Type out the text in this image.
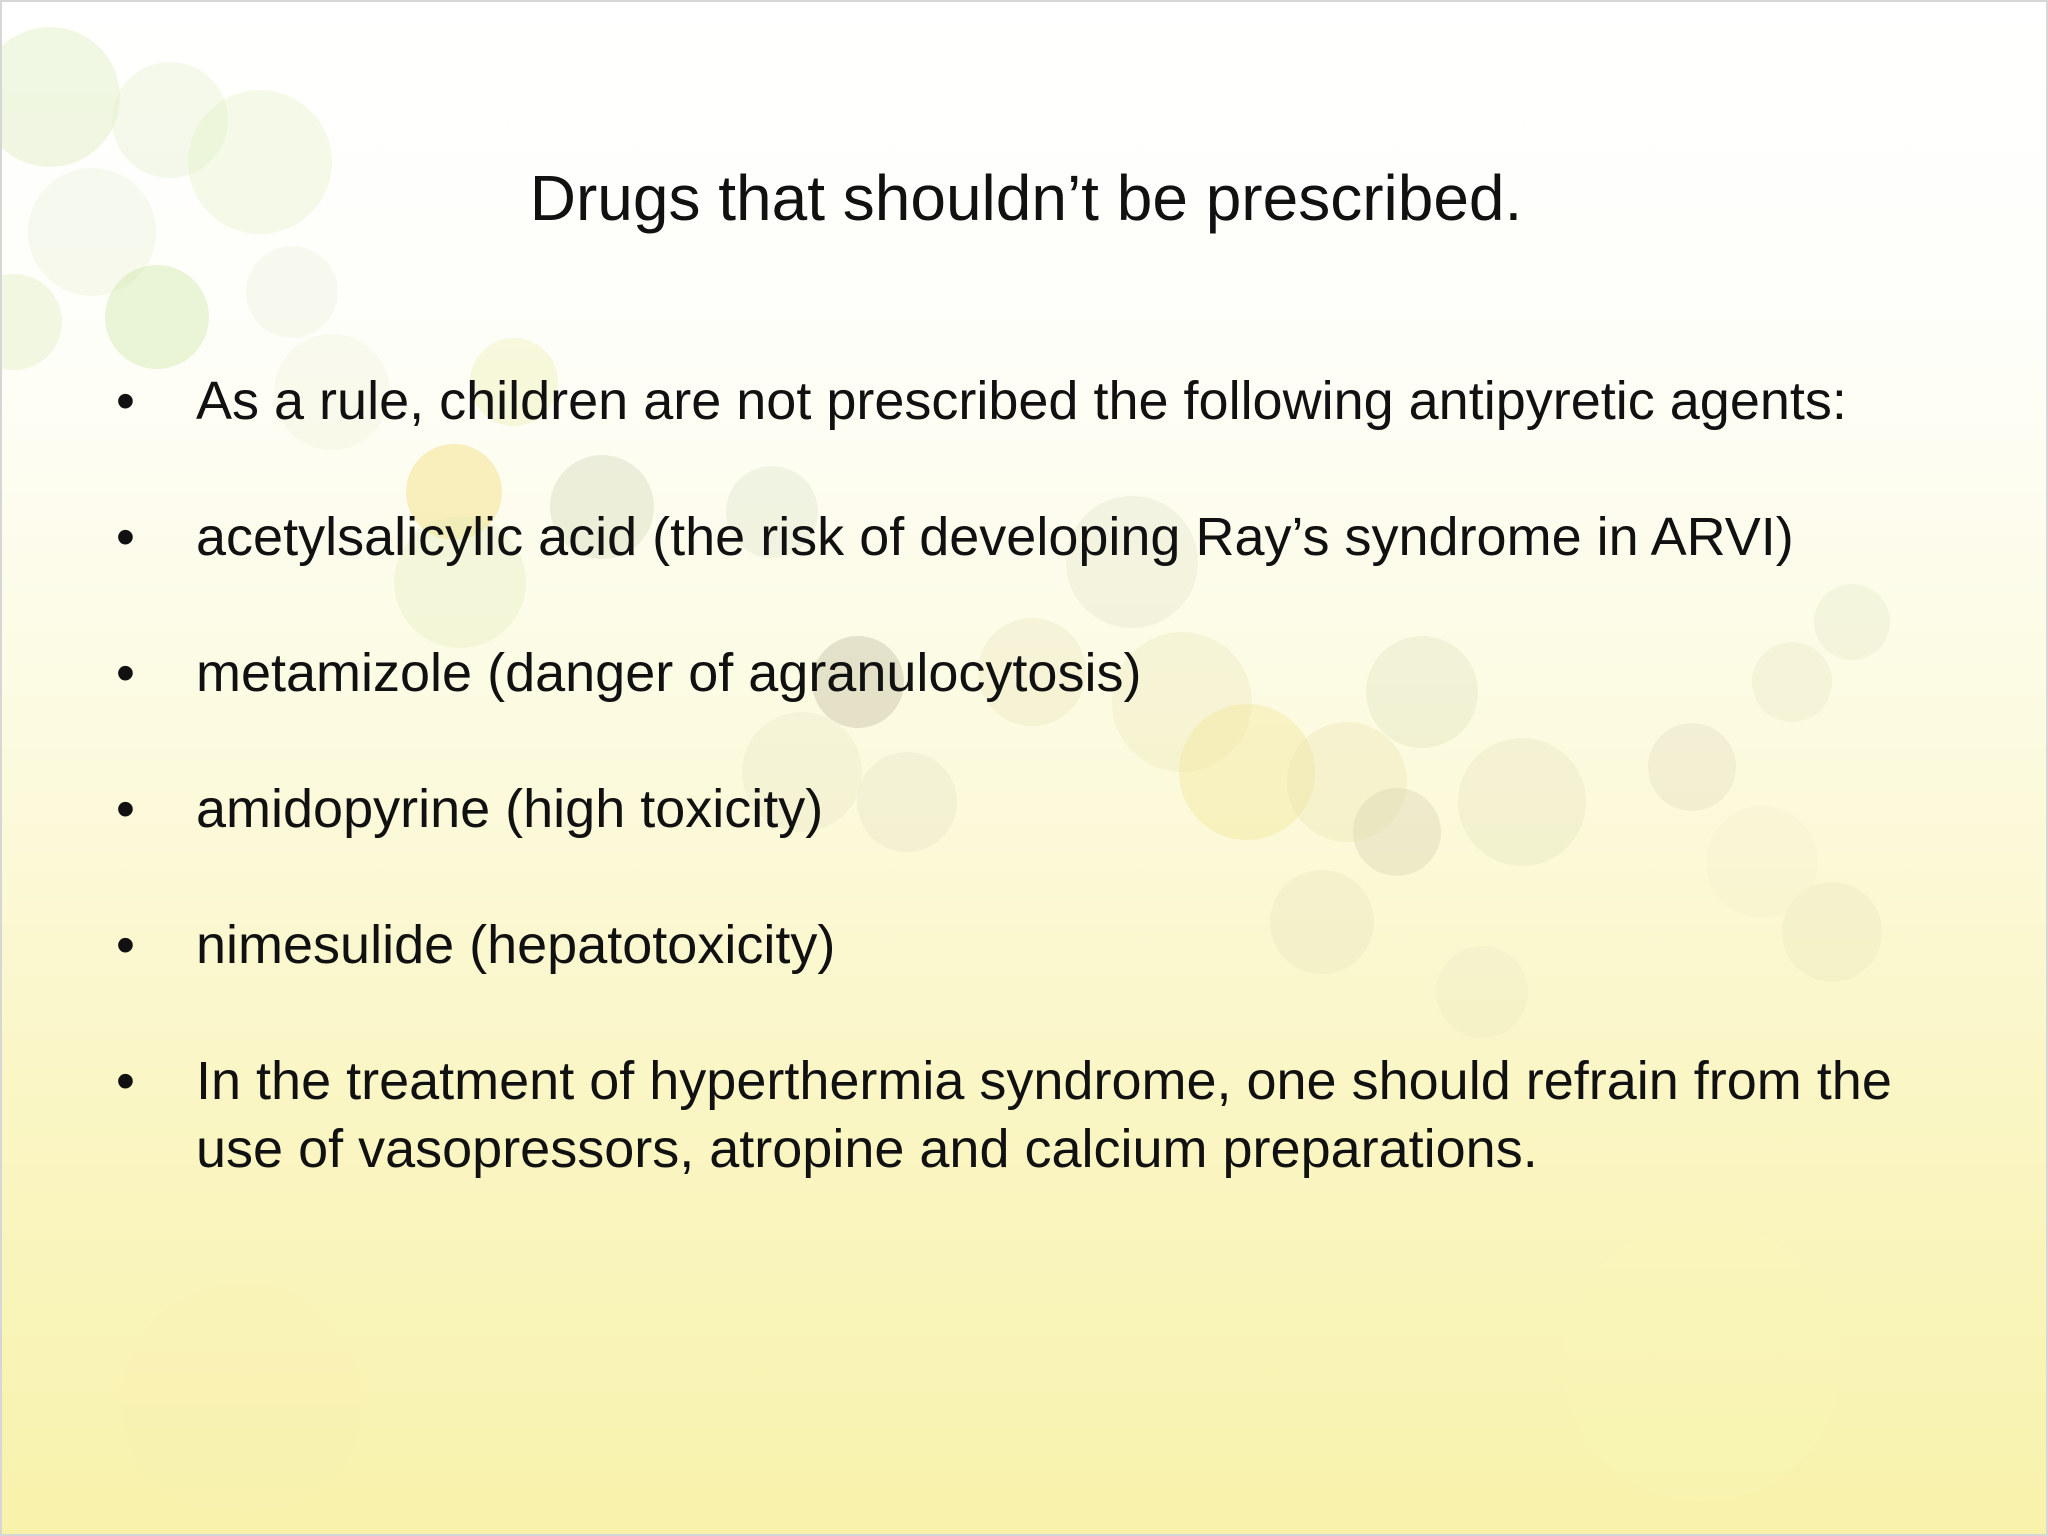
Drugs that shouldn’t be prescribed.
•	As a rule, children are not prescribed the following antipyretic agents:
•	acetylsalicylic acid (the risk of developing Ray’s syndrome in ARVI)
•	metamizole (danger of agranulocytosis)
•	amidopyrine (high toxicity)
•	nimesulide (hepatotoxicity)
•	In the treatment of hyperthermia syndrome, one should refrain from the use of vasopressors, atropine and calcium preparations.
